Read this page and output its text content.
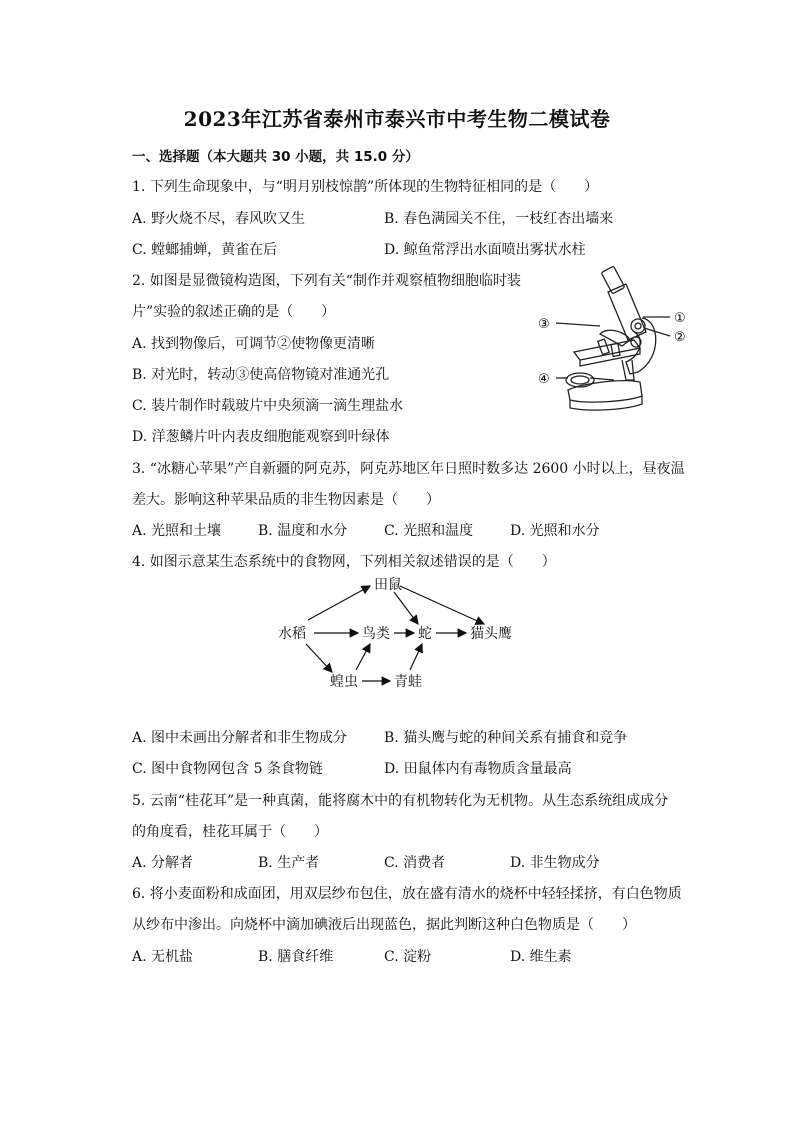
2023年江苏省泰州市泰兴市中考生物二模试卷
一、选择题（本大题共 30 小题，共 15.0 分）
1. 下列生命现象中，与“明月别枝惊鹊”所体现的生物特征相同的是（　　）
A. 野火烧不尽，春风吹又生	B. 春色满园关不住，一枝红杏出墙来
C. 螳螂捕蝉，黄雀在后	D. 鲸鱼常浮出水面喷出雾状水柱
2. 如图是显微镜构造图，下列有关“制作并观察植物细胞临时装
片”实验的叙述正确的是（　　）
A. 找到物像后，可调节②使物像更清晰
B. 对光时，转动③使高倍物镜对准通光孔
C. 装片制作时载玻片中央须滴一滴生理盐水
D. 洋葱鳞片叶内表皮细胞能观察到叶绿体
①
②
③
④
3. “冰糖心苹果”产自新疆的阿克苏，阿克苏地区年日照时数多达 2600 小时以上，昼夜温
差大。影响这种苹果品质的非生物因素是（　　）
A. 光照和土壤	B. 温度和水分	C. 光照和温度	D. 光照和水分
4. 如图示意某生态系统中的食物网，下列相关叙述错误的是（　　）
田鼠
水稻	鸟类 蛇	猫头鹰
蝗虫	青蛙
A. 图中未画出分解者和非生物成分	B. 猫头鹰与蛇的种间关系有捕食和竞争
C. 图中食物网包含 5 条食物链	D. 田鼠体内有毒物质含量最高
5. 云南“桂花耳”是一种真菌，能将腐木中的有机物转化为无机物。从生态系统组成成分
的角度看，桂花耳属于（　　）
A. 分解者	B. 生产者	C. 消费者	D. 非生物成分
6. 将小麦面粉和成面团，用双层纱布包住，放在盛有清水的烧杯中轻轻揉挤，有白色物质
从纱布中渗出。向烧杯中滴加碘液后出现蓝色，据此判断这种白色物质是（　　）
A. 无机盐	B. 膳食纤维	C. 淀粉	D. 维生素
